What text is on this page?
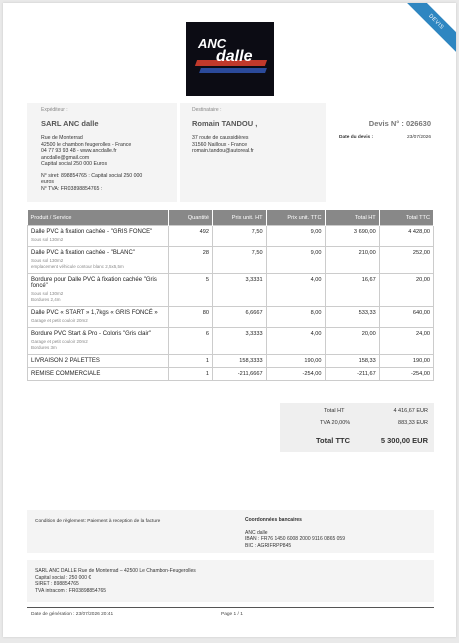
DEVIS
ANC
dalle
Expéditeur :
SARL ANC dalle
Rue de Monterrad
42500 le chambon feugerolles - France
04 77 93 93 48 - www.ancdalle.fr
ancdalle@gmail.com
Capital social 250 000 Euros
N° siret: 898854765 : Capital social 250 000
euros
N° TVA: FR03898854765 :
Destinataire :
Romain TANDOU ,
37 route de caussidières
31560 Nailloux - France
romain.tandou@autoreal.fr
Devis N° : 026630
Date du devis :	23/07/2026
Produit / Service	Quantité	Prix unit. HT	Prix unit. TTC	Total HT	Total TTC

Dalle PVC à fixation cachée - "GRIS FONCE"
Sous sol 130m2	492	7,50	9,00	3 690,00	4 428,00

Dalle PVC à fixation cachée - "BLANC"
Sous sol 130m2
emplacement véhicule contour blanc 2,5x5,5m	28	7,50	9,00	210,00	252,00

Bordure pour Dalle PVC à fixation cachée "Gris foncé"
Sous sol 130m2
Bordures 2,4m	5	3,3331	4,00	16,67	20,00

Dalle PVC « START » 1,7kgs « GRIS FONCÉ »
Garage et petit couloir 20m2	80	6,6667	8,00	533,33	640,00

Bordure PVC Start & Pro - Coloris "Gris clair"
Garage et petit couloir 20m2
Bordures 3m	6	3,3333	4,00	20,00	24,00

LIVRAISON 2 PALETTES	1	158,3333	190,00	158,33	190,00

REMISE COMMERCIALE	1	-211,6667	-254,00	-211,67	-254,00
Total HT	4 416,67 EUR
TVA 20,00%	883,33 EUR
Total TTC	5 300,00 EUR
Condition de règlement: Paiement à reception de la facture	Coordonnées bancaires
ANC dalle
IBAN : FR76 1450 6008 2000 9116 0865 059
BIC : AGRIFRPP845
SARL ANC DALLE Rue de Monterrad – 42500 Le Chambon-Feugerolles
Capital social : 250 000 €
SIRET : 898854765
TVA intracom : FR03898854765
Date de génération : 23/07/2026 20:41	Page 1 / 1
